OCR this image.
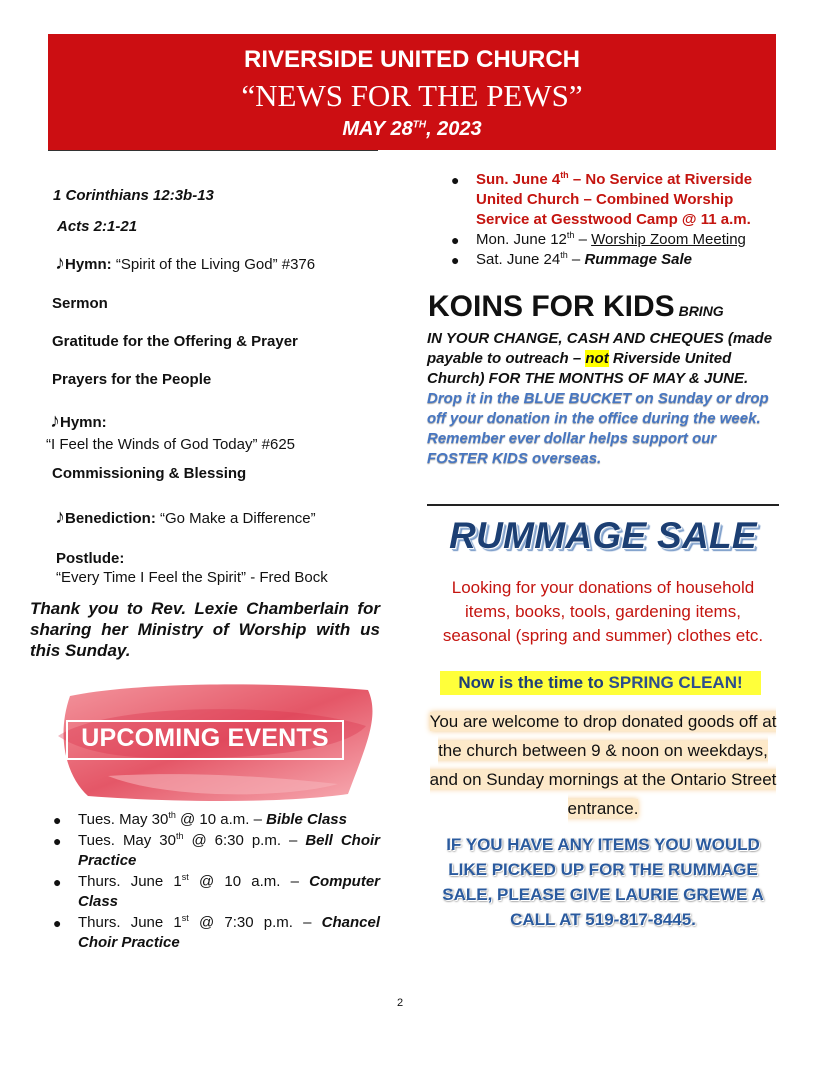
RIVERSIDE UNITED CHURCH
“NEWS FOR THE PEWS”
MAY 28TH, 2023
1 Corinthians 12:3b-13
Acts 2:1-21
♪Hymn: “Spirit of the Living God” #376
Sermon
Gratitude for the Offering & Prayer
Prayers for the People
♪Hymn:
“I Feel the Winds of God Today” #625
Commissioning & Blessing
♪Benediction: “Go Make a Difference”
Postlude:
“Every Time I Feel the Spirit” - Fred Bock
Thank you to Rev. Lexie Chamberlain for sharing her Ministry of Worship with us this Sunday.
UPCOMING EVENTS
● Tues. May 30th @ 10 a.m. – Bible Class
● Tues. May 30th @ 6:30 p.m. – Bell Choir Practice
● Thurs. June 1st @ 10 a.m. – Computer Class
● Thurs. June 1st @ 7:30 p.m. – Chancel Choir Practice
● Sun. June 4th – No Service at Riverside United Church – Combined Worship Service at Gesstwood Camp @ 11 a.m.
● Mon. June 12th – Worship Zoom Meeting
● Sat. June 24th – Rummage Sale
KOINS FOR KIDS BRING
IN YOUR CHANGE, CASH AND CHEQUES (made payable to outreach – not Riverside United Church) FOR THE MONTHS OF MAY & JUNE. Drop it in the BLUE BUCKET on Sunday or drop off your donation in the office during the week. Remember ever dollar helps support our FOSTER KIDS overseas.
RUMMAGE SALE
Looking for your donations of household items, books, tools, gardening items, seasonal (spring and summer) clothes etc.
Now is the time to SPRING CLEAN!
You are welcome to drop donated goods off at the church between 9 & noon on weekdays, and on Sunday mornings at the Ontario Street entrance.
IF YOU HAVE ANY ITEMS YOU WOULD LIKE PICKED UP FOR THE RUMMAGE SALE, PLEASE GIVE LAURIE GREWE A CALL AT 519-817-8445.
2
